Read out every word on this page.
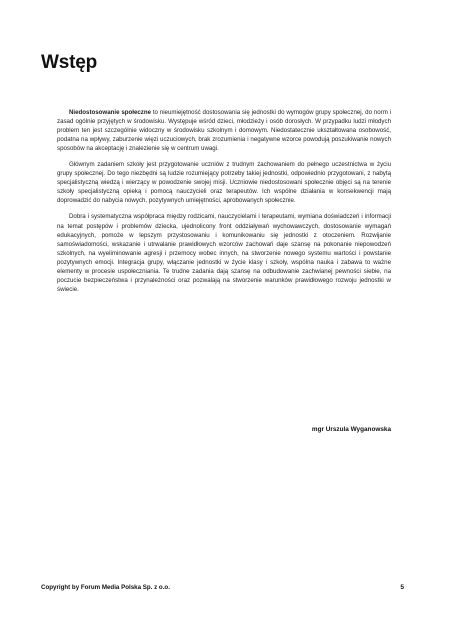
Wstęp

Niedostosowanie społeczne to nieumiejętność dostosowania się jednostki do wymogów grupy społecznej, do norm i zasad ogólnie przyjętych w środowisku. Występuje wśród dzieci, młodzieży i osób dorosłych. W przypadku ludzi młodych problem ten jest szczególnie widoczny w środowisku szkolnym i domowym. Niedostatecznie ukształtowana osobowość, podatna na wpływy, zaburzenie więzi uczuciowych, brak zrozumienia i negatywne wzorce powodują poszukiwanie nowych sposobów na akceptację i znalezienie się w centrum uwagi.

Głównym zadaniem szkoły jest przygotowanie uczniów z trudnym zachowaniem do pełnego uczestnictwa w życiu grupy społecznej. Do tego niezbędni są ludzie rozumiejący potrzeby takiej jednostki, odpowiednio przygotowani, z nabytą specjalistyczną wiedzą i wierzący w powodzenie swojej misji. Uczniowie niedostosowani społecznie objęci są na terenie szkoły specjalistyczną opieką i pomocą nauczycieli oraz terapeutów. Ich wspólne działania w konsekwencji mają doprowadzić do nabycia nowych, pozytywnych umiejętności, aprobowanych społecznie.

Dobra i systematyczna współpraca między rodzicami, nauczycielami i terapeutami, wymiana doświadczeń i informacji na temat postępów i problemów dziecka, ujednolicony front oddziaływań wychowawczych, dostosowanie wymagań edukacyjnych, pomoże w lepszym przystosowaniu i komunikowaniu się jednostki z otoczeniem. Rozwijanie samoświadomości, wskazanie i utrwalanie prawidłowych wzorców zachowań daje szansę na pokonanie niepowodzeń szkolnych, na wyeliminowanie agresji i przemocy wobec innych, na stworzenie nowego systemu wartości i powstanie pozytywnych emocji. Integracja grupy, włączanie jednostki w życie klasy i szkoły, wspólna nauka i zabawa to ważne elementy w procesie uspołeczniania. Te trudne zadania dają szansę na odbudowanie zachwianej pewności siebie, na poczucie bezpieczeństwa i przynależności oraz pozwalają na stworzenie warunków prawidłowego rozwoju jednostki w świecie.

mgr Urszula Wyganowska
Copyright by Forum Media Polska Sp. z o.o.	5
